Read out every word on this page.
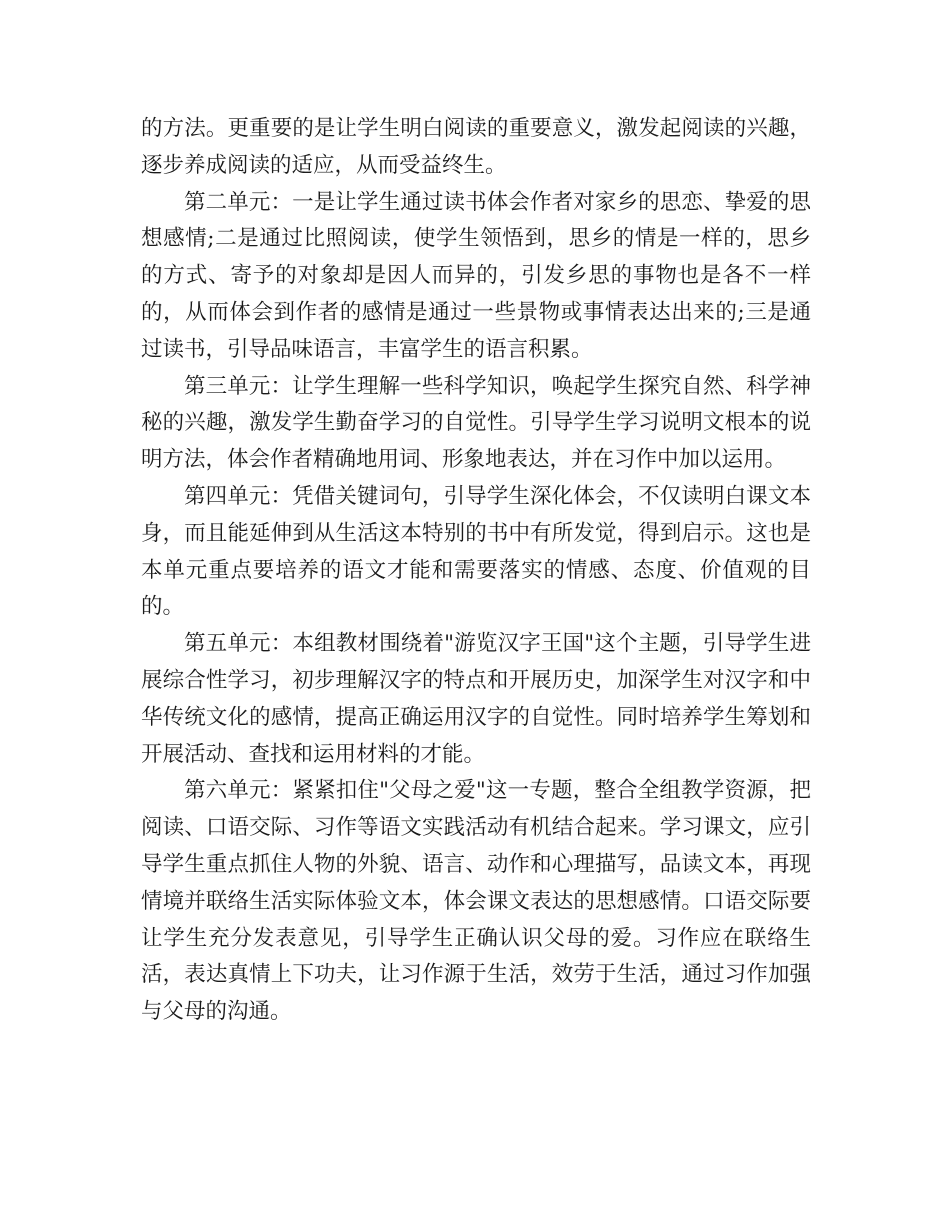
的方法。更重要的是让学生明白阅读的重要意义，激发起阅读的兴趣，逐步养成阅读的适应，从而受益终生。

第二单元：一是让学生通过读书体会作者对家乡的思恋、挚爱的思想感情;二是通过比照阅读，使学生领悟到，思乡的情是一样的，思乡的方式、寄予的对象却是因人而异的，引发乡思的事物也是各不一样的，从而体会到作者的感情是通过一些景物或事情表达出来的;三是通过读书，引导品味语言，丰富学生的语言积累。

第三单元：让学生理解一些科学知识，唤起学生探究自然、科学神秘的兴趣，激发学生勤奋学习的自觉性。引导学生学习说明文根本的说明方法，体会作者精确地用词、形象地表达，并在习作中加以运用。

第四单元：凭借关键词句，引导学生深化体会，不仅读明白课文本身，而且能延伸到从生活这本特别的书中有所发觉，得到启示。这也是本单元重点要培养的语文才能和需要落实的情感、态度、价值观的目的。

第五单元：本组教材围绕着"游览汉字王国"这个主题，引导学生进展综合性学习，初步理解汉字的特点和开展历史，加深学生对汉字和中华传统文化的感情，提高正确运用汉字的自觉性。同时培养学生筹划和开展活动、查找和运用材料的才能。

第六单元：紧紧扣住"父母之爱"这一专题，整合全组教学资源，把阅读、口语交际、习作等语文实践活动有机结合起来。学习课文，应引导学生重点抓住人物的外貌、语言、动作和心理描写，品读文本，再现情境并联络生活实际体验文本，体会课文表达的思想感情。口语交际要让学生充分发表意见，引导学生正确认识父母的爱。习作应在联络生活，表达真情上下功夫，让习作源于生活，效劳于生活，通过习作加强与父母的沟通。
